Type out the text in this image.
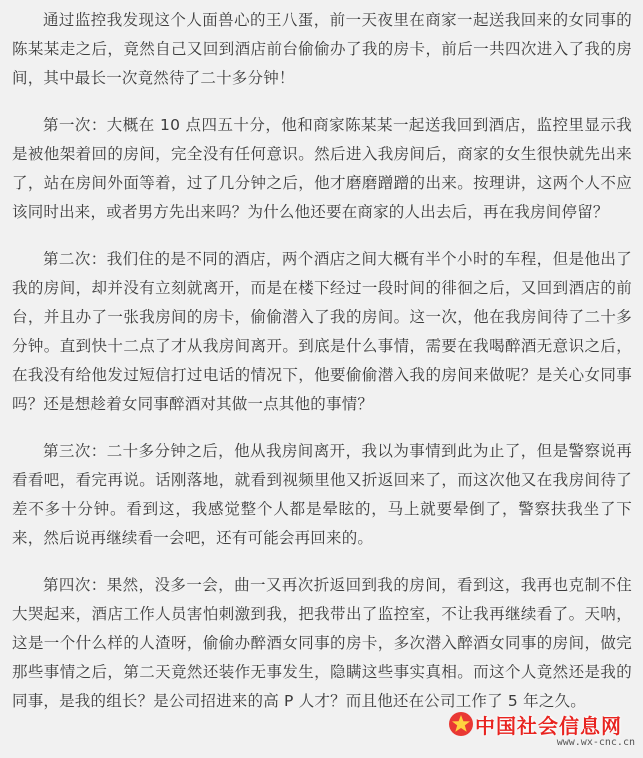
通过监控我发现这个人面兽心的王八蛋，前一天夜里在商家一起送我回来的女同事的陈某某走之后，竟然自己又回到酒店前台偷偷办了我的房卡，前后一共四次进入了我的房间，其中最长一次竟然待了二十多分钟！

第一次：大概在 10 点四五十分，他和商家陈某某一起送我回到酒店，监控里显示我是被他架着回的房间，完全没有任何意识。然后进入我房间后，商家的女生很快就先出来了，站在房间外面等着，过了几分钟之后，他才磨磨蹭蹭的出来。按理讲，这两个人不应该同时出来，或者男方先出来吗？为什么他还要在商家的人出去后，再在我房间停留？

第二次：我们住的是不同的酒店，两个酒店之间大概有半个小时的车程，但是他出了我的房间，却并没有立刻就离开，而是在楼下经过一段时间的徘徊之后，又回到酒店的前台，并且办了一张我房间的房卡，偷偷潜入了我的房间。这一次，他在我房间待了二十多分钟。直到快十二点了才从我房间离开。到底是什么事情，需要在我喝醉酒无意识之后，在我没有给他发过短信打过电话的情况下，他要偷偷潜入我的房间来做呢？是关心女同事吗？还是想趁着女同事醉酒对其做一点其他的事情？

第三次：二十多分钟之后，他从我房间离开，我以为事情到此为止了，但是警察说再看看吧，看完再说。话刚落地，就看到视频里他又折返回来了，而这次他又在我房间待了差不多十分钟。看到这，我感觉整个人都是晕眩的，马上就要晕倒了，警察扶我坐了下来，然后说再继续看一会吧，还有可能会再回来的。

第四次：果然，没多一会，曲一又再次折返回到我的房间，看到这，我再也克制不住大哭起来，酒店工作人员害怕刺激到我，把我带出了监控室，不让我再继续看了。天呐，这是一个什么样的人渣呀，偷偷办醉酒女同事的房卡，多次潜入醉酒女同事的房间，做完那些事情之后，第二天竟然还装作无事发生，隐瞒这些事实真相。而这个人竟然还是我的同事，是我的组长？是公司招进来的高 P 人才？而且他还在公司工作了 5 年之久。

中国社会信息网
www.wx-cnc.cn
